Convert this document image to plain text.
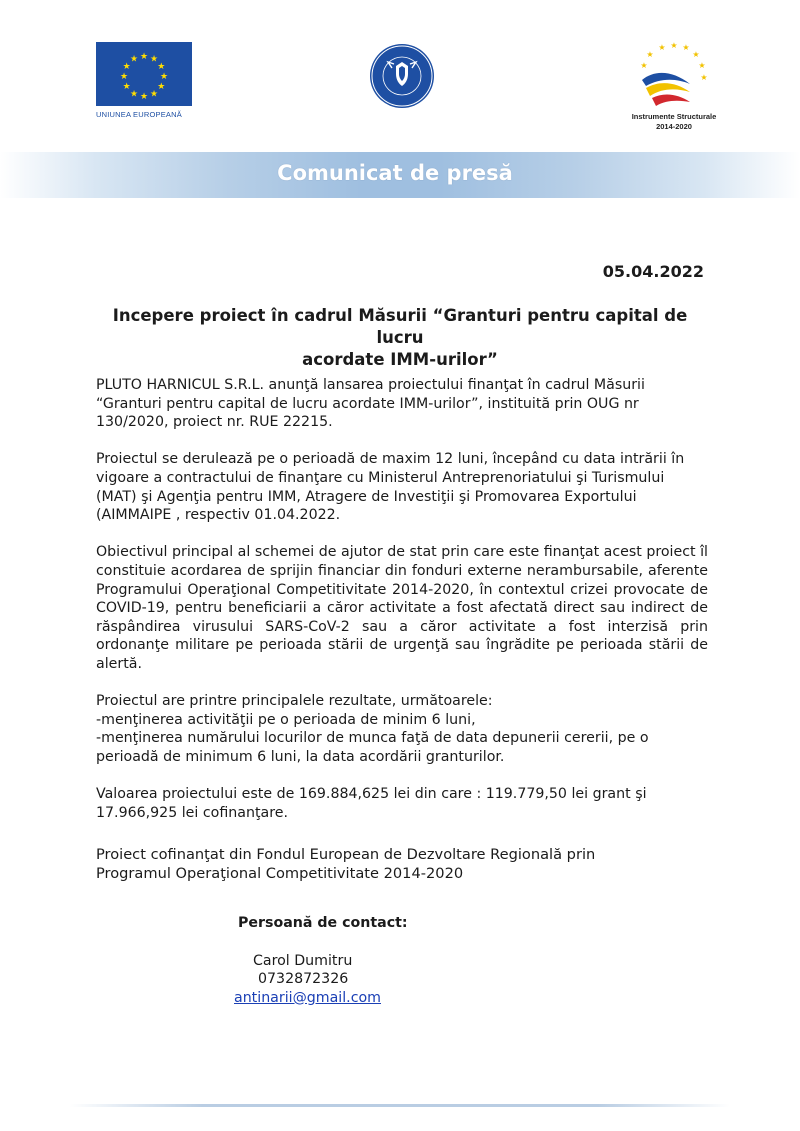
★ ★
★
★
★
★
★
★
★
★
★
★
UNIUNEA EUROPEANĂ
★ ★ ★
★
★
★
★
★
Instrumente Structurale
2014-2020
Comunicat de presă
05.04.2022
Incepere proiect în cadrul Măsurii “Granturi pentru capital de lucru
acordate IMM-urilor”

PLUTO HARNICUL S.R.L. anunţă lansarea proiectului finanţat în cadrul Măsurii “Granturi pentru capital de lucru acordate IMM-urilor”, instituită prin OUG nr 130/2020, proiect nr. RUE 22215.

Proiectul se derulează pe o perioadă de maxim 12 luni, începând cu data intrării în vigoare a contractului de finanţare cu Ministerul Antreprenoriatului şi Turismului (MAT) şi Agenţia pentru IMM, Atragere de Investiţii şi Promovarea Exportului (AIMMAIPE , respectiv 01.04.2022.

Obiectivul principal al schemei de ajutor de stat prin care este finanţat acest proiect îl constituie acordarea de sprijin financiar din fonduri externe nerambursabile, aferente Programului Operaţional Competitivitate 2014-2020, în contextul crizei provocate de COVID-19, pentru beneficiarii a căror activitate a fost afectată direct sau indirect de răspândirea virusului SARS-CoV-2 sau a căror activitate a fost interzisă prin ordonanţe militare pe perioada stării de urgenţă sau îngrădite pe perioada stării de alertă.

Proiectul are printre principalele rezultate, următoarele:
-menţinerea activităţii pe o perioada de minim 6 luni,
-menţinerea numărului locurilor de munca faţă de data depunerii cererii, pe o perioadă de minimum 6 luni, la data acordării granturilor.

Valoarea proiectului este de 169.884,625 lei din care : 119.779,50 lei grant şi
17.966,925 lei cofinanţare.

Proiect cofinanţat din Fondul European de Dezvoltare Regională prin
Programul Operaţional Competitivitate 2014-2020

Persoană de contact:
Carol Dumitru
0732872326
antinarii@gmail.com
